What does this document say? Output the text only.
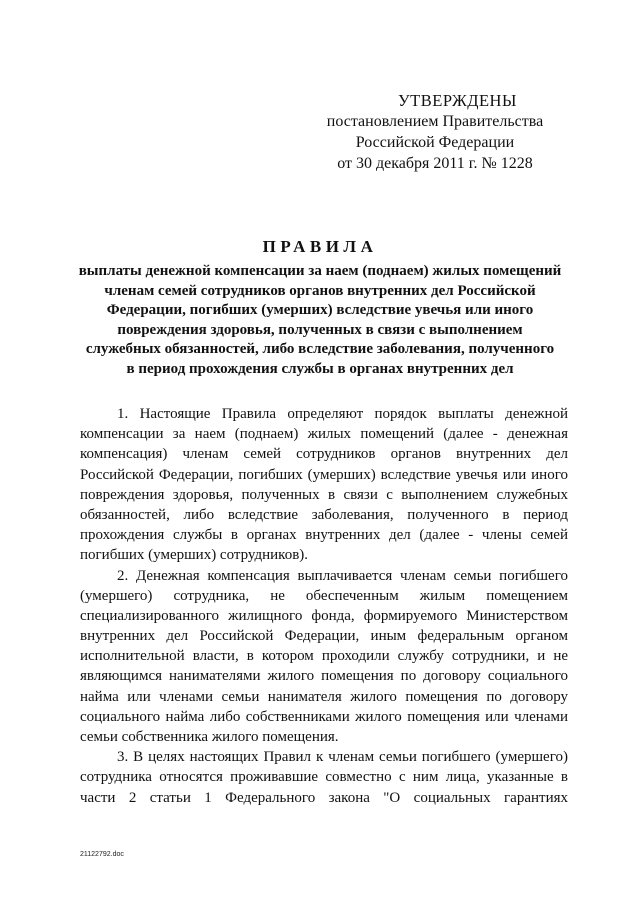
УТВЕРЖДЕНЫ
постановлением Правительства
Российской Федерации
от 30 декабря 2011 г. № 1228
ПРАВИЛА
выплаты денежной компенсации за наем (поднаем) жилых помещений
членам семей сотрудников органов внутренних дел Российской
Федерации, погибших (умерших) вследствие увечья или иного
повреждения здоровья, полученных в связи с выполнением
служебных обязанностей, либо вследствие заболевания, полученного
в период прохождения службы в органах внутренних дел
1. Настоящие Правила определяют порядок выплаты денежной
компенсации за наем (поднаем) жилых помещений (далее - денежная
компенсация) членам семей сотрудников органов внутренних дел
Российской Федерации, погибших (умерших) вследствие увечья или иного
повреждения здоровья, полученных в связи с выполнением служебных
обязанностей, либо вследствие заболевания, полученного в период
прохождения службы в органах внутренних дел (далее - члены семей
погибших (умерших) сотрудников).
2. Денежная компенсация выплачивается членам семьи погибшего
(умершего) сотрудника, не обеспеченным жилым помещением
специализированного жилищного фонда, формируемого Министерством
внутренних дел Российской Федерации, иным федеральным органом
исполнительной власти, в котором проходили службу сотрудники, и не
являющимся нанимателями жилого помещения по договору социального
найма или членами семьи нанимателя жилого помещения по договору
социального найма либо собственниками жилого помещения или членами
семьи собственника жилого помещения.
3. В целях настоящих Правил к членам семьи погибшего (умершего)
сотрудника относятся проживавшие совместно с ним лица, указанные в
части 2 статьи 1 Федерального закона "О социальных гарантиях
21122792.doc
